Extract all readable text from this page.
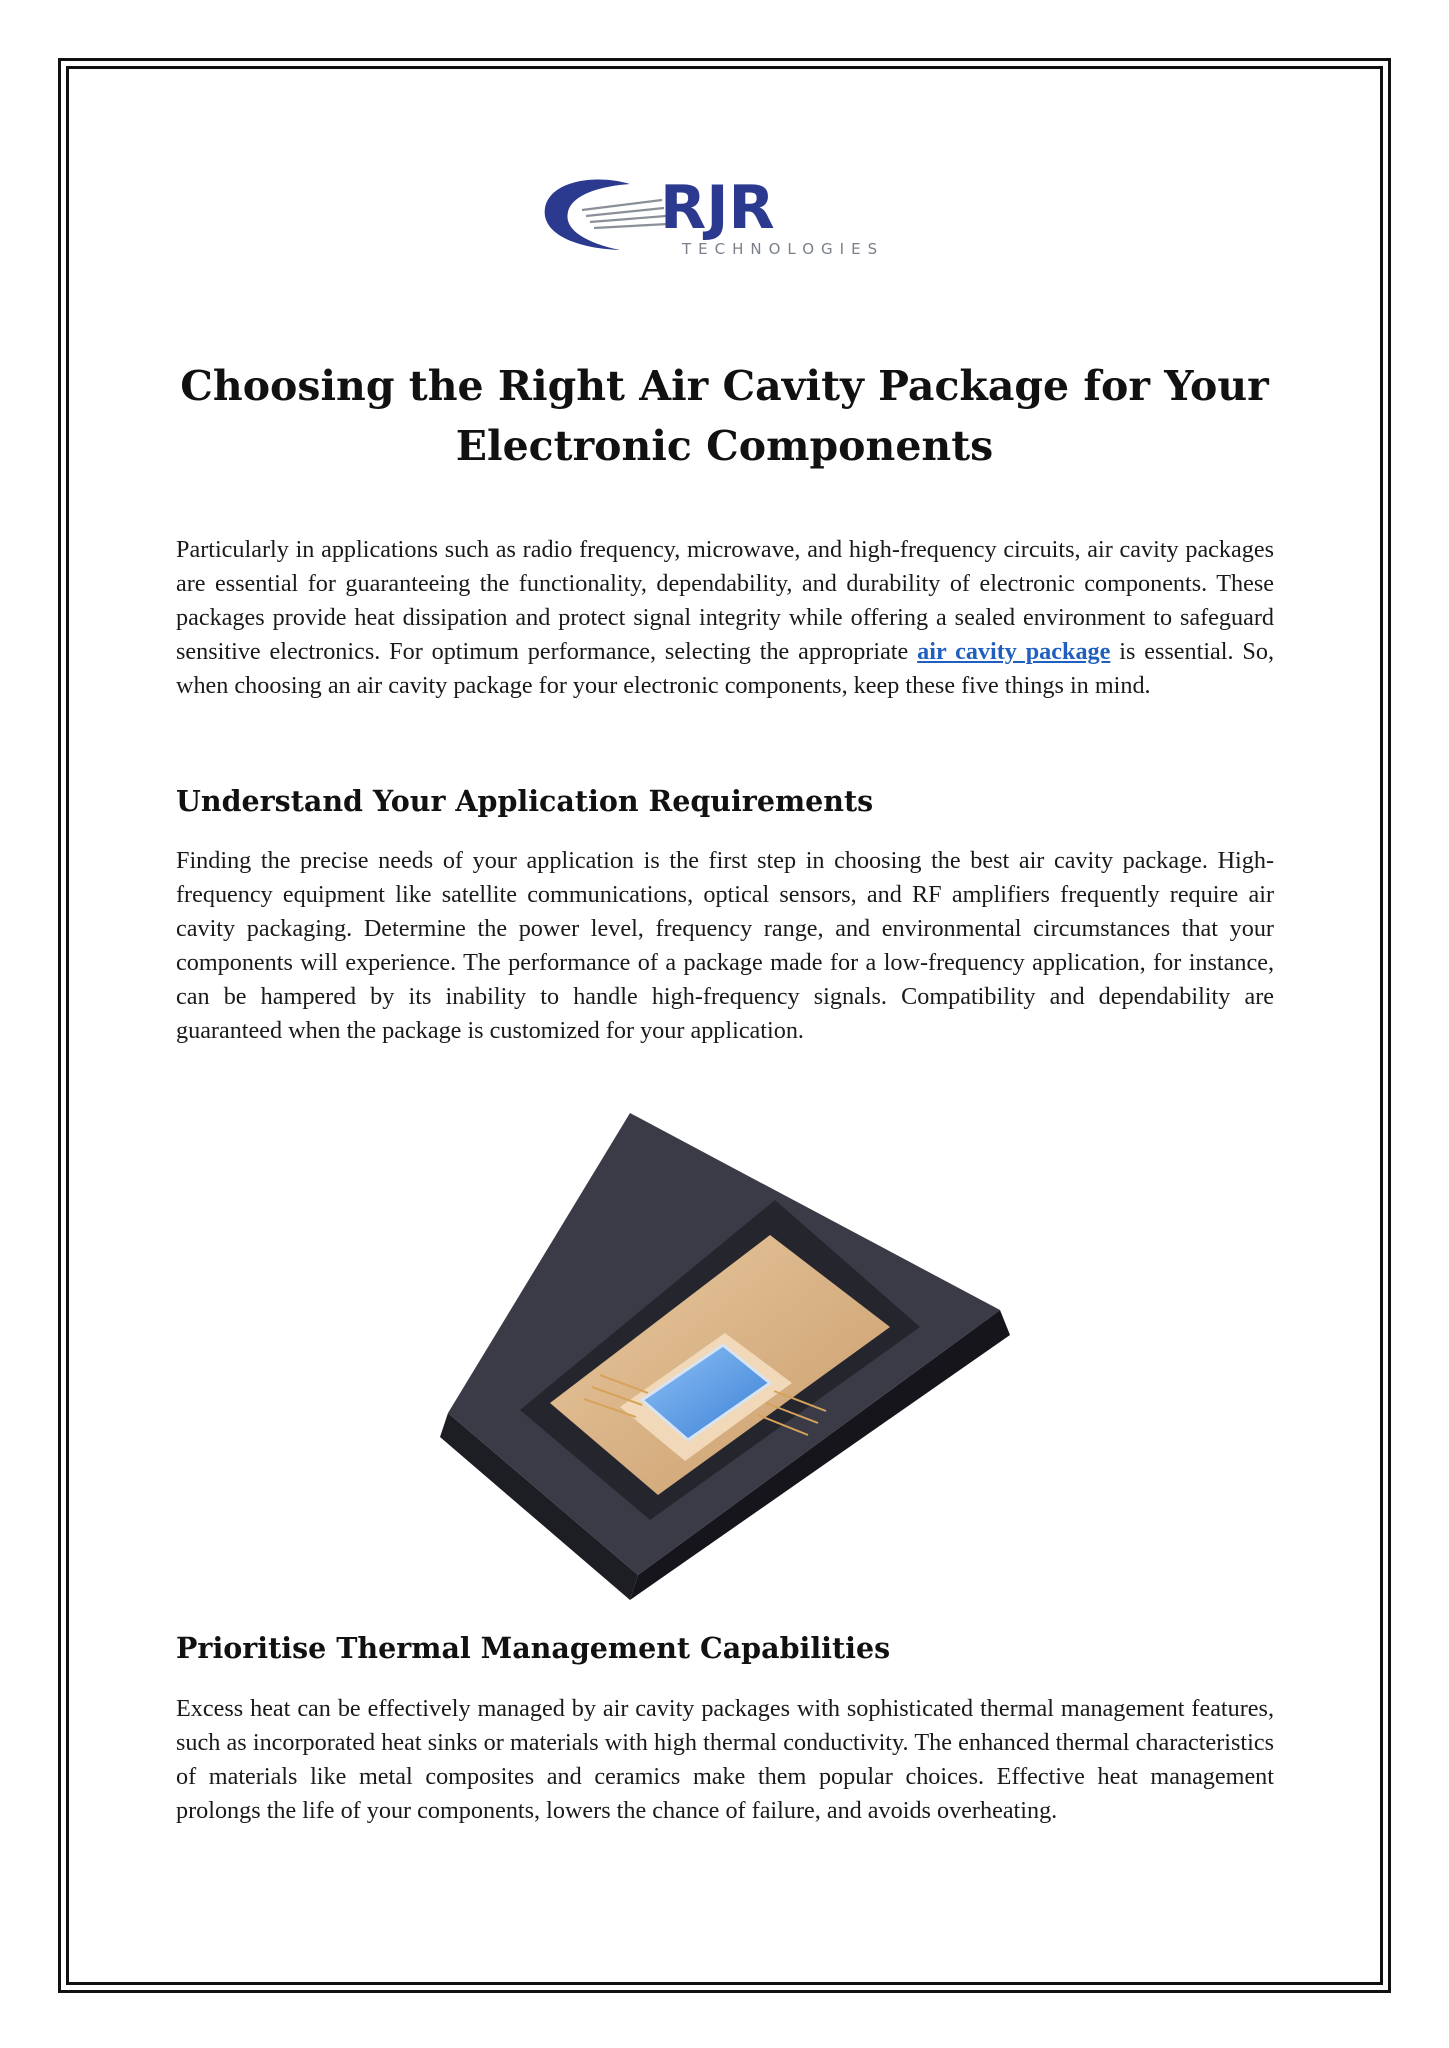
RJR
TECHNOLOGIES
Choosing the Right Air Cavity Package for Your
Electronic Components

Particularly in applications such as radio frequency, microwave, and high-frequency circuits, air cavity packages are essential for guaranteeing the functionality, dependability, and durability of electronic components. These packages provide heat dissipation and protect signal integrity while offering a sealed environment to safeguard sensitive electronics. For optimum performance, selecting the appropriate air cavity package is essential. So, when choosing an air cavity package for your electronic components, keep these five things in mind.

Understand Your Application Requirements

Finding the precise needs of your application is the first step in choosing the best air cavity package. High-frequency equipment like satellite communications, optical sensors, and RF amplifiers frequently require air cavity packaging. Determine the power level, frequency range, and environmental circumstances that your components will experience. The performance of a package made for a low-frequency application, for instance, can be hampered by its inability to handle high-frequency signals. Compatibility and dependability are guaranteed when the package is customized for your application.

Prioritise Thermal Management Capabilities

Excess heat can be effectively managed by air cavity packages with sophisticated thermal management features, such as incorporated heat sinks or materials with high thermal conductivity. The enhanced thermal characteristics of materials like metal composites and ceramics make them popular choices. Effective heat management prolongs the life of your components, lowers the chance of failure, and avoids overheating.
